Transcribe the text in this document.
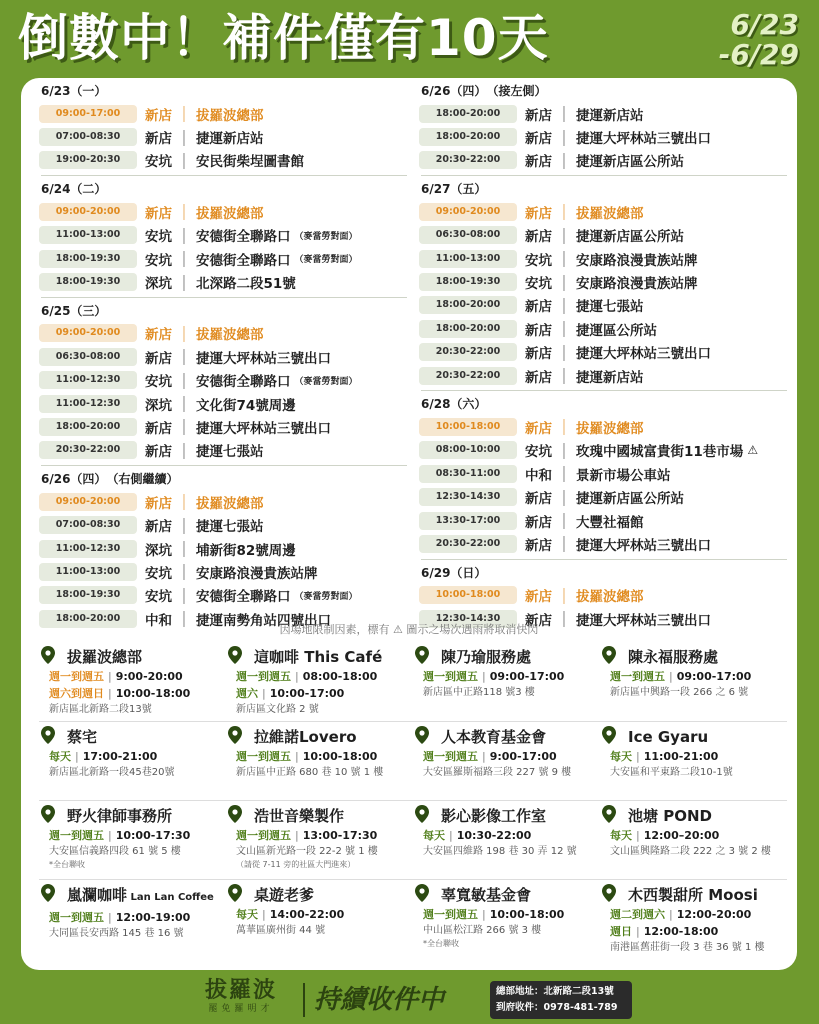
倒數中！補件僅有10天	6/23
-6/29
6/23（一）
09:00-17:00	新店 ｜ 拔羅波總部
07:00-08:30	新店 ｜ 捷運新店站
19:00-20:30	安坑 ｜ 安民街柴埕圖書館
6/24（二）
09:00-20:00	新店 ｜ 拔羅波總部
11:00-13:00	安坑 ｜ 安德街全聯路口 （麥當勞對面）
18:00-19:30	安坑 ｜ 安德街全聯路口 （麥當勞對面）
18:00-19:30	深坑 ｜ 北深路二段51號
6/25（三）
09:00-20:00	新店 ｜ 拔羅波總部
06:30-08:00	新店 ｜ 捷運大坪林站三號出口
11:00-12:30	安坑 ｜ 安德街全聯路口 （麥當勞對面）
11:00-12:30	深坑 ｜ 文化街74號周邊
18:00-20:00	新店 ｜ 捷運大坪林站三號出口
20:30-22:00	新店 ｜ 捷運七張站
6/26（四） （右側繼續）
09:00-20:00	新店 ｜ 拔羅波總部
07:00-08:30	新店 ｜ 捷運七張站
11:00-12:30	深坑 ｜ 埔新街82號周邊
11:00-13:00	安坑 ｜ 安康路浪漫貴族站牌
18:00-19:30	安坑 ｜ 安德街全聯路口 （麥當勞對面）
18:00-20:00	中和 ｜ 捷運南勢角站四號出口
6/26（四） （接左側）
18:00-20:00	新店 ｜ 捷運新店站
18:00-20:00	新店 ｜ 捷運大坪林站三號出口
20:30-22:00	新店 ｜ 捷運新店區公所站
6/27（五）
09:00-20:00	新店 ｜ 拔羅波總部
06:30-08:00	新店 ｜ 捷運新店區公所站
11:00-13:00	安坑 ｜ 安康路浪漫貴族站牌
18:00-19:30	安坑 ｜ 安康路浪漫貴族站牌
18:00-20:00	新店 ｜ 捷運七張站
18:00-20:00	新店 ｜ 捷運區公所站
20:30-22:00	新店 ｜ 捷運大坪林站三號出口
20:30-22:00	新店 ｜ 捷運新店站
6/28（六）
10:00-18:00	新店 ｜ 拔羅波總部
08:00-10:00	安坑 ｜ 玫瑰中國城富貴街11巷市場 ⚠
08:30-11:00	中和 ｜ 景新市場公車站
12:30-14:30	新店 ｜ 捷運新店區公所站
13:30-17:00	新店 ｜ 大豐社福館
20:30-22:00	新店 ｜ 捷運大坪林站三號出口
6/29（日）
10:00-18:00	新店 ｜ 拔羅波總部
12:30-14:30	新店 ｜ 捷運大坪林站三號出口
因場地限制因素，標有 ⚠ 圖示之場次遇雨將取消快閃
拔羅波總部
週一到週五 | 9:00-20:00
週六到週日 | 10:00-18:00
新店區北新路二段13號
這咖啡 This Café
週一到週五 | 08:00-18:00
週六 | 10:00-17:00
新店區文化路 2 號
陳乃瑜服務處
週一到週五 | 09:00-17:00
新店區中正路118 號3 樓
陳永福服務處
週一到週五 | 09:00-17:00
新店區中興路一段 266 之 6 號
蔡宅
每天 | 17:00-21:00
新店區北新路一段45巷20號
拉維諾Lovero
週一到週五 | 10:00-18:00
新店區中正路 680 巷 10 號 1 樓
人本教育基金會
週一到週五 | 9:00-17:00
大安區羅斯福路三段 227 號 9 樓
Ice Gyaru
每天 | 11:00-21:00
大安區和平東路二段10-1號
野火律師事務所
週一到週五 | 10:00-17:30
大安區信義路四段 61 號 5 樓
*全台聯收
浩世音樂製作
週一到週五 | 13:00-17:30
文山區新光路一段 22-2 號 1 樓
（請從 7-11 旁的社區大門進來）
影心影像工作室
每天 | 10:30-22:00
大安區四維路 198 巷 30 弄 12 號
池塘 POND
每天 | 12:00–20:00
文山區興隆路二段 222 之 3 號 2 樓
嵐瀾咖啡 Lan Lan Coffee
週一到週五 | 12:00-19:00
大同區長安西路 145 巷 16 號
桌遊老爹
每天 | 14:00-22:00
萬華區廣州街 44 號
辜寬敏基金會
週一到週五 | 10:00-18:00
中山區松江路 266 號 3 樓
*全台聯收
木西製甜所 Moosi
週二到週六 | 12:00-20:00
週日 | 12:00-18:00
南港區舊莊街一段 3 巷 36 號 1 樓
拔羅波
罷免羅明才	持續收件中	總部地址：北新路二段13號
到府收件：0978-481-789
